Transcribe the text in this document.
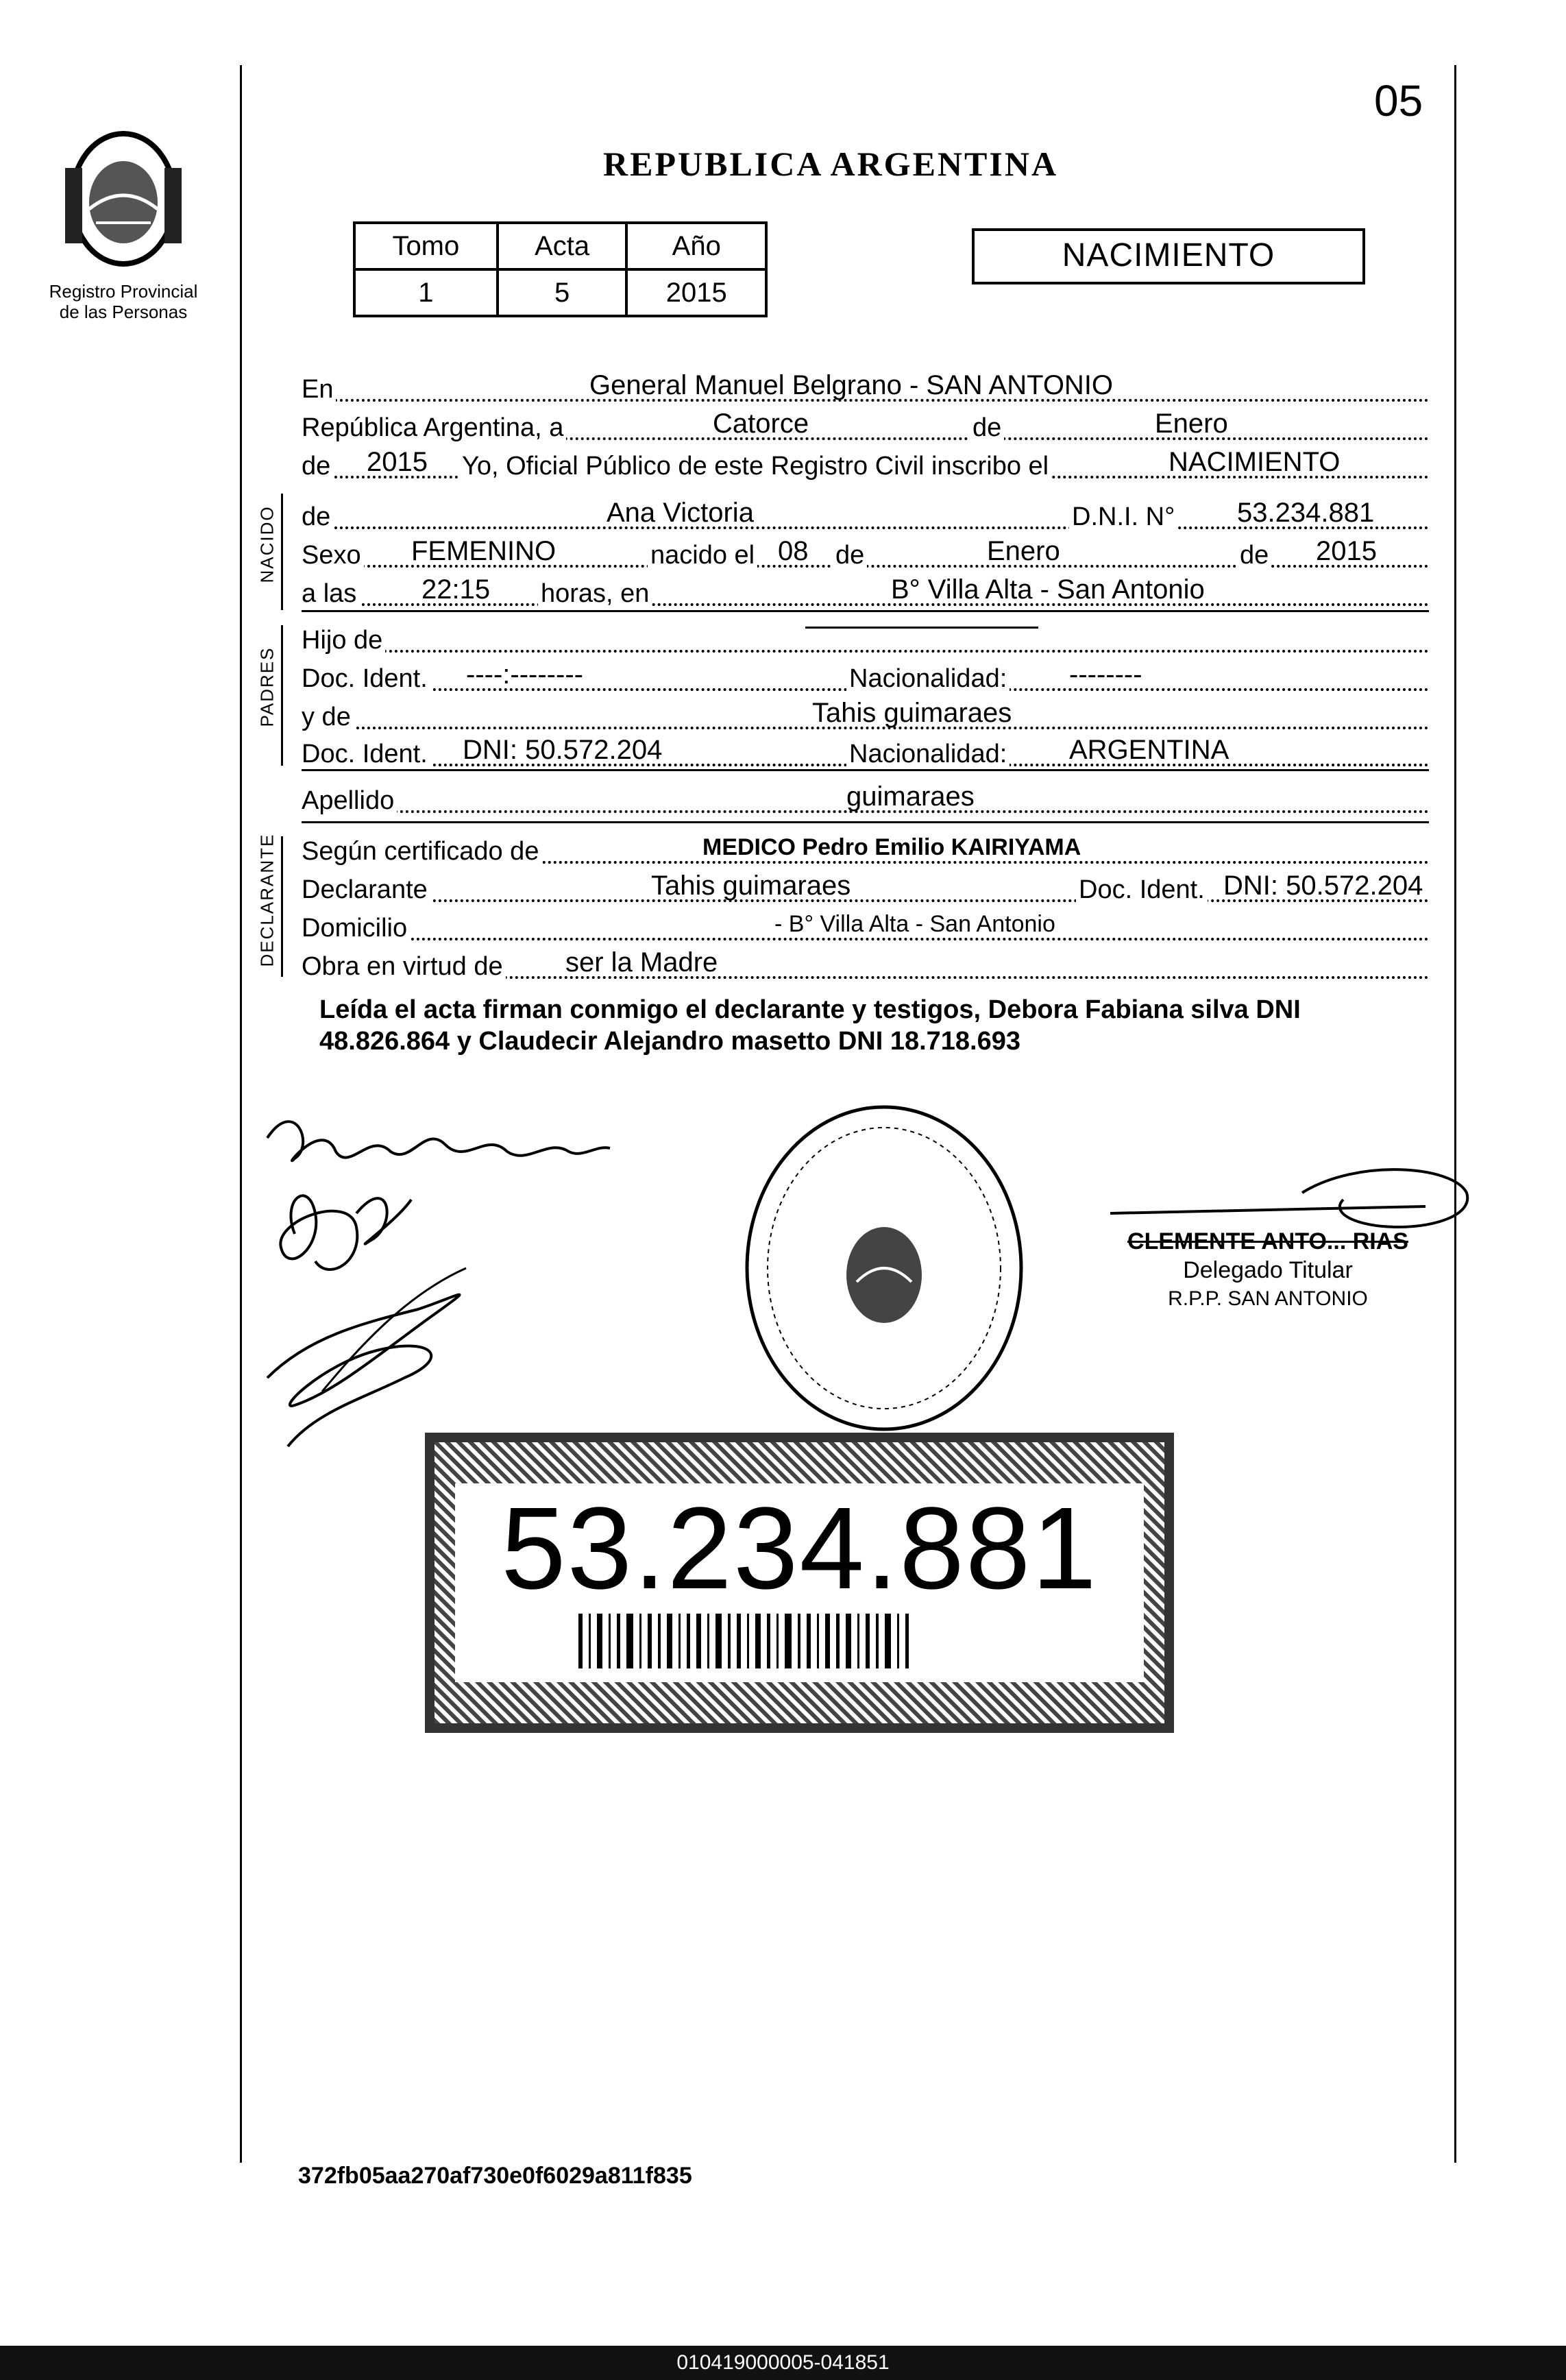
Registro Provincial
de las Personas
05
REPUBLICA ARGENTINA
Tomo	Acta	Año
1	5	2015
NACIMIENTO
En	General Manuel Belgrano - SAN ANTONIO
República Argentina, a	Catorce	de	Enero
de 2015 Yo, Oficial Público de este Registro Civil inscribo el	NACIMIENTO
NACIDO de	Ana Victoria	D.N.I. N° 53.234.881
Sexo FEMENINO	nacido el 08 de	Enero	de 2015
a las 22:15 horas, en	B° Villa Alta - San Antonio
PADRES
Hijo de
Doc. Ident. ----:--------	Nacionalidad: --------
y de	Tahis guimaraes
Doc. Ident. DNI: 50.572.204	Nacionalidad: ARGENTINA
Apellido	guimaraes
DECLARANTE Según certificado de	MEDICO Pedro Emilio KAIRIYAMA
Declarante	Tahis guimaraes	Doc. Ident. DNI: 50.572.204
Domicilio	- B° Villa Alta - San Antonio
Obra en virtud de ser la Madre
Leída el acta firman conmigo el declarante y testigos, Debora Fabiana silva DNI 48.826.864 y Claudecir Alejandro masetto DNI 18.718.693
CLEMENTE ANTO... RIAS
Delegado Titular
R.P.P. SAN ANTONIO
53.234.881
372fb05aa270af730e0f6029a811f835
010419000005-041851
